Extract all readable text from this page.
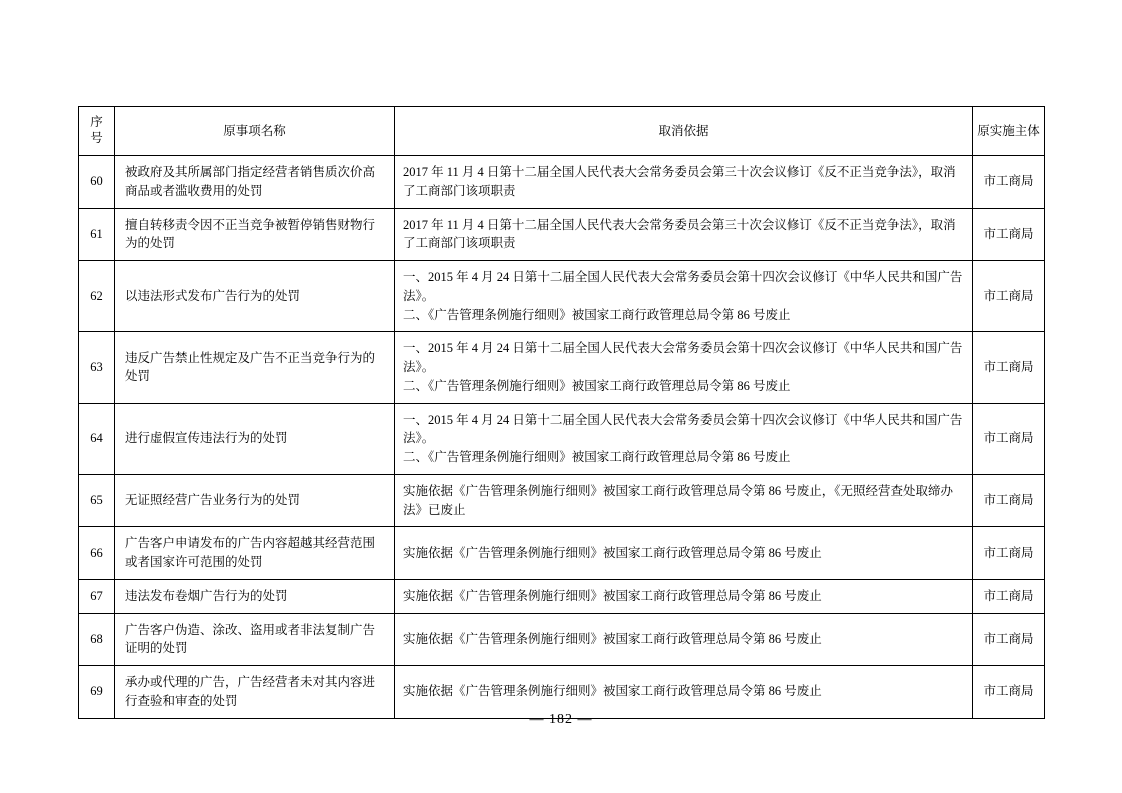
序
号	原事项名称	取消依据	原实施主体
60	被政府及其所属部门指定经营者销售质次价高商品或者滥收费用的处罚	2017 年 11 月 4 日第十二届全国人民代表大会常务委员会第三十次会议修订《反不正当竞争法》，取消了工商部门该项职责	市工商局
61	擅自转移责令因不正当竞争被暂停销售财物行为的处罚	2017 年 11 月 4 日第十二届全国人民代表大会常务委员会第三十次会议修订《反不正当竞争法》，取消了工商部门该项职责	市工商局
62	以违法形式发布广告行为的处罚	一、2015 年 4 月 24 日第十二届全国人民代表大会常务委员会第十四次会议修订《中华人民共和国广告法》。
二、《广告管理条例施行细则》被国家工商行政管理总局令第 86 号废止	市工商局
63	违反广告禁止性规定及广告不正当竞争行为的处罚	一、2015 年 4 月 24 日第十二届全国人民代表大会常务委员会第十四次会议修订《中华人民共和国广告法》。
二、《广告管理条例施行细则》被国家工商行政管理总局令第 86 号废止	市工商局
64	进行虚假宣传违法行为的处罚	一、2015 年 4 月 24 日第十二届全国人民代表大会常务委员会第十四次会议修订《中华人民共和国广告法》。
二、《广告管理条例施行细则》被国家工商行政管理总局令第 86 号废止	市工商局
65	无证照经营广告业务行为的处罚	实施依据《广告管理条例施行细则》被国家工商行政管理总局令第 86 号废止，《无照经营查处取缔办法》已废止	市工商局
66	广告客户申请发布的广告内容超越其经营范围或者国家许可范围的处罚	实施依据《广告管理条例施行细则》被国家工商行政管理总局令第 86 号废止	市工商局
67	违法发布卷烟广告行为的处罚	实施依据《广告管理条例施行细则》被国家工商行政管理总局令第 86 号废止	市工商局
68	广告客户伪造、涂改、盗用或者非法复制广告证明的处罚	实施依据《广告管理条例施行细则》被国家工商行政管理总局令第 86 号废止	市工商局
69	承办或代理的广告，广告经营者未对其内容进行查验和审查的处罚	实施依据《广告管理条例施行细则》被国家工商行政管理总局令第 86 号废止	市工商局
— 182 —
